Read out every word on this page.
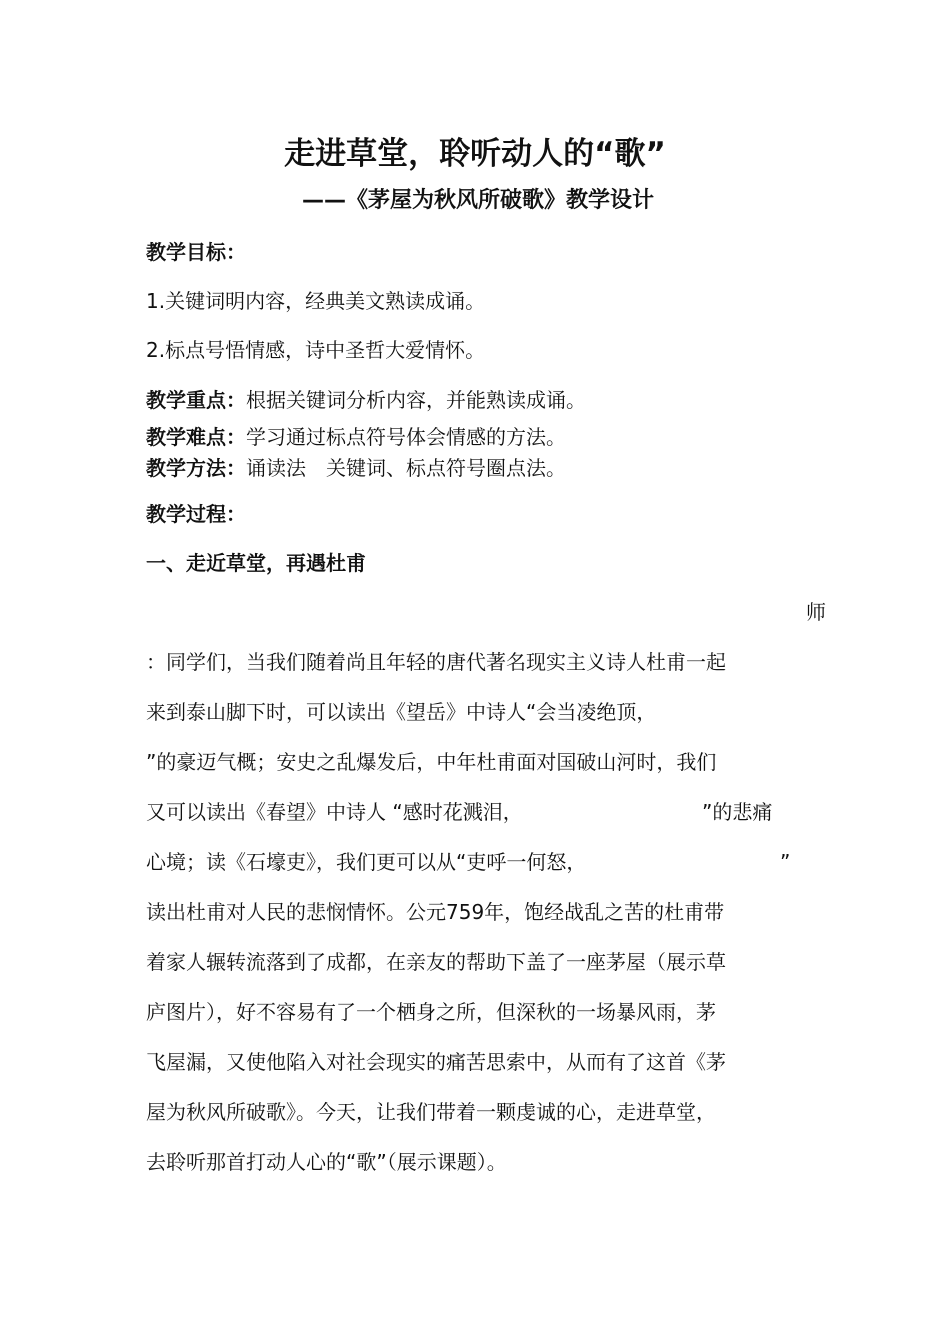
走进草堂，聆听动人的“歌”
——《茅屋为秋风所破歌》教学设计
教学目标：
1.关键词明内容，经典美文熟读成诵。
2.标点号悟情感，诗中圣哲大爱情怀。
教学重点：根据关键词分析内容，并能熟读成诵。
教学难点：学习通过标点符号体会情感的方法。
教学方法：诵读法　关键词、标点符号圈点法。
教学过程：
一、走近草堂，再遇杜甫
师
：同学们，当我们随着尚且年轻的唐代著名现实主义诗人杜甫一起
来到泰山脚下时，可以读出《望岳》中诗人“会当凌绝顶，
”的豪迈气概；安史之乱爆发后，中年杜甫面对国破山河时，我们
又可以读出《春望》中诗人 “感时花溅泪，	”的悲痛
心境；读《石壕吏》，我们更可以从“吏呼一何怒，	”
读出杜甫对人民的悲悯情怀。公元759年，饱经战乱之苦的杜甫带
着家人辗转流落到了成都，在亲友的帮助下盖了一座茅屋（展示草
庐图片），好不容易有了一个栖身之所，但深秋的一场暴风雨，茅
飞屋漏，又使他陷入对社会现实的痛苦思索中，从而有了这首《茅
屋为秋风所破歌》。今天，让我们带着一颗虔诚的心，走进草堂，
去聆听那首打动人心的“歌”（展示课题）。
